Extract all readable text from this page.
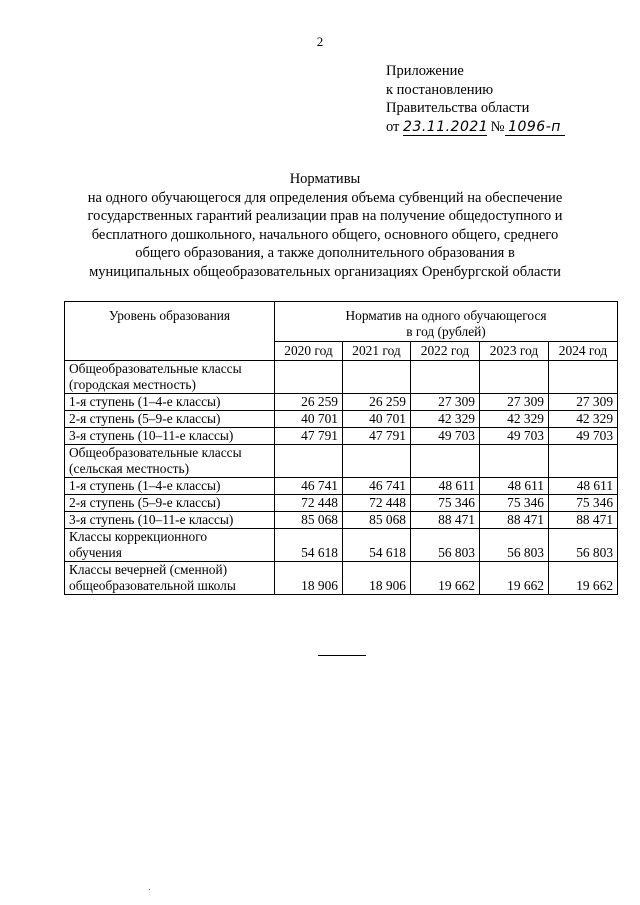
2
Приложение
к постановлению
Правительства области
от 23.11.2021 № 1096-п
Нормативы
на одного обучающегося для определения объема субвенций на обеспечение
государственных гарантий реализации прав на получение общедоступного и
бесплатного дошкольного, начального общего, основного общего, среднего
общего образования, а также дополнительного образования в
муниципальных общеобразовательных организациях Оренбургской области
Уровень образования	Норматив на одного обучающегося
в год (рублей)				

	2020 год	2021 год	2022 год	2023 год	2024 год

Общеобразовательные классы
(городская местность)					

1-я ступень (1–4-е классы)	26 259	26 259	27 309	27 309	27 309
2-я ступень (5–9-е классы)	40 701	40 701	42 329	42 329	42 329
3-я ступень (10–11-е классы)	47 791	47 791	49 703	49 703	49 703

Общеобразовательные классы
(сельская местность)					

1-я ступень (1–4-е классы)	46 741	46 741	48 611	48 611	48 611
2-я ступень (5–9-е классы)	72 448	72 448	75 346	75 346	75 346
3-я ступень (10–11-е классы)	85 068	85 068	88 471	88 471	88 471

Классы коррекционного
обучения	54 618	54 618	56 803	56 803	56 803

Классы вечерней (сменной)
общеобразовательной школы	18 906	18 906	19 662	19 662	19 662
